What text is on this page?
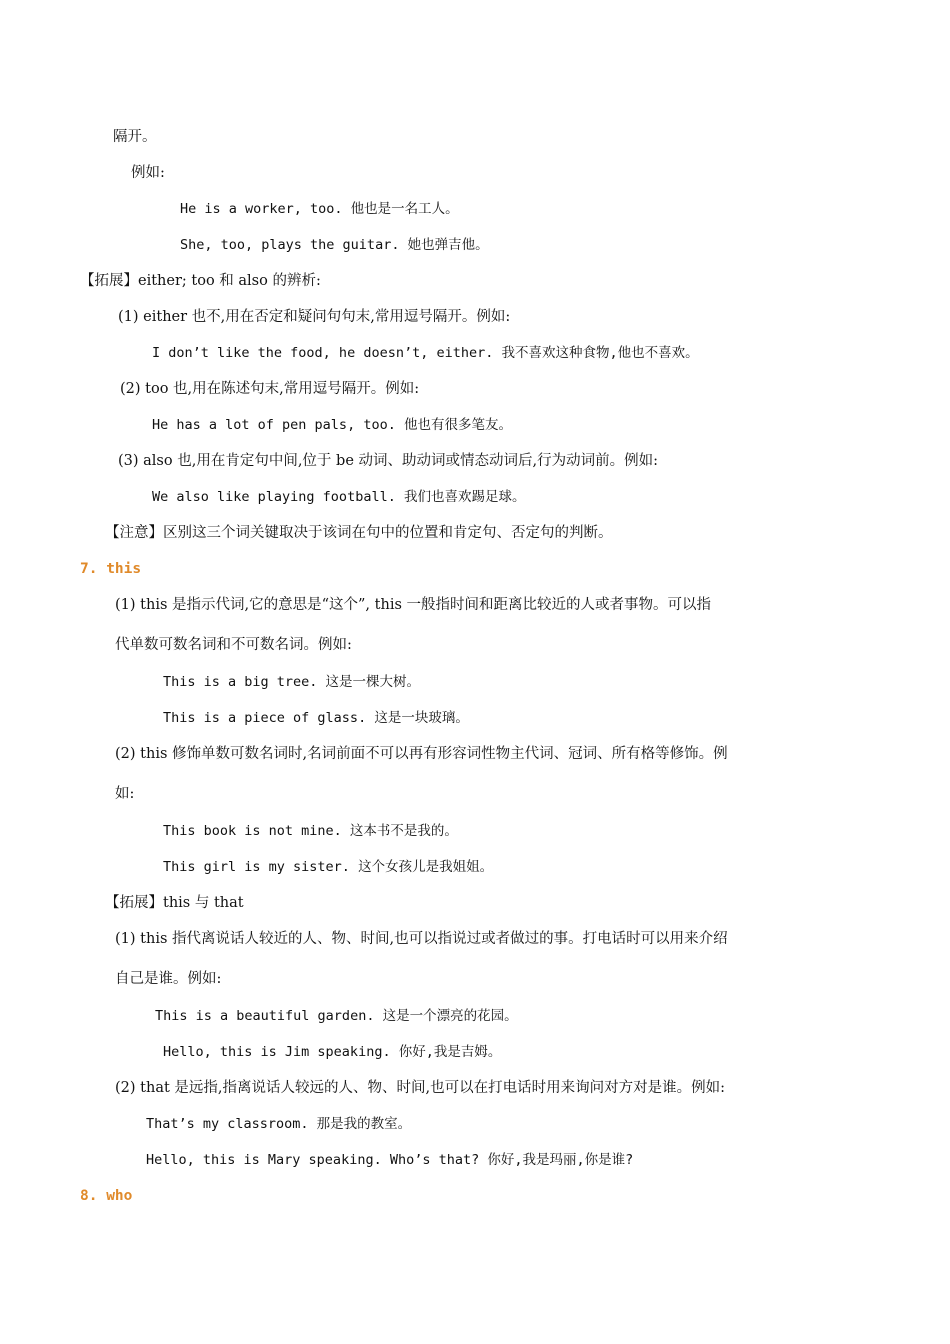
隔开。
例如:
He is a worker, too. 他也是一名工人。
She, too, plays the guitar. 她也弹吉他。
【拓展】either; too 和 also 的辨析:
(1) either 也不,用在否定和疑问句句末,常用逗号隔开。例如:
I don’t like the food, he doesn’t, either. 我不喜欢这种食物,他也不喜欢。
(2) too 也,用在陈述句末,常用逗号隔开。例如:
He has a lot of pen pals, too. 他也有很多笔友。
(3) also 也,用在肯定句中间,位于 be 动词、助动词或情态动词后,行为动词前。例如:
We also like playing football. 我们也喜欢踢足球。
【注意】区别这三个词关键取决于该词在句中的位置和肯定句、否定句的判断。
7. this
(1) this 是指示代词,它的意思是“这个”, this 一般指时间和距离比较近的人或者事物。可以指
代单数可数名词和不可数名词。例如:
This is a big tree. 这是一棵大树。
This is a piece of glass. 这是一块玻璃。
(2) this 修饰单数可数名词时,名词前面不可以再有形容词性物主代词、冠词、所有格等修饰。例
如:
This book is not mine. 这本书不是我的。
This girl is my sister. 这个女孩儿是我姐姐。
【拓展】this 与 that
(1) this 指代离说话人较近的人、物、时间,也可以指说过或者做过的事。打电话时可以用来介绍
自己是谁。例如:
This is a beautiful garden. 这是一个漂亮的花园。
Hello, this is Jim speaking. 你好,我是吉姆。
(2) that 是远指,指离说话人较远的人、物、时间,也可以在打电话时用来询问对方对是谁。例如:
That’s my classroom. 那是我的教室。
Hello, this is Mary speaking. Who’s that? 你好,我是玛丽,你是谁?
8. who
